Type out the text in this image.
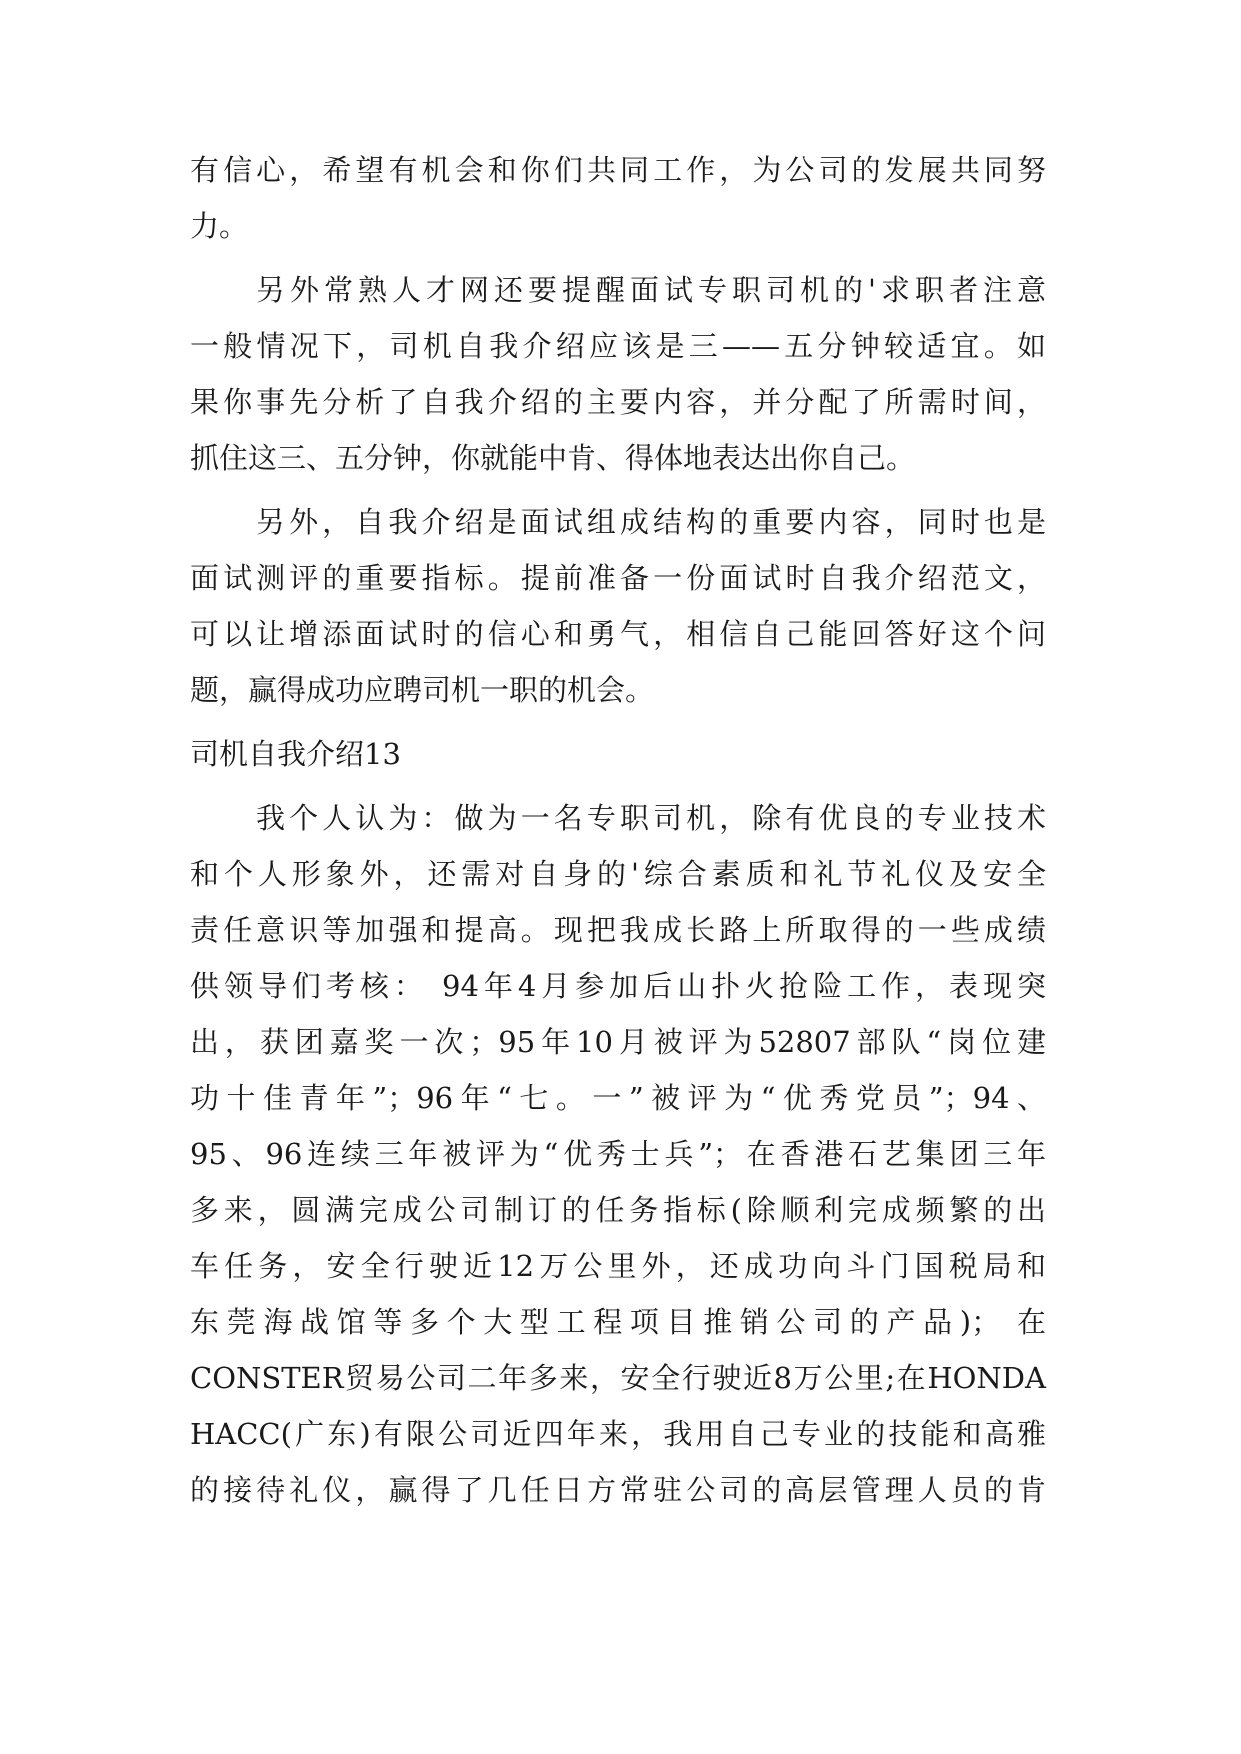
有信心，希望有机会和你们共同工作，为公司的发展共同努
力。
另外常熟人才网还要提醒面试专职司机的'求职者注意
一般情况下，司机自我介绍应该是三——五分钟较适宜。如
果你事先分析了自我介绍的主要内容，并分配了所需时间，
抓住这三、五分钟，你就能中肯、得体地表达出你自己。
另外，自我介绍是面试组成结构的重要内容，同时也是
面试测评的重要指标。提前准备一份面试时自我介绍范文，
可以让增添面试时的信心和勇气，相信自己能回答好这个问
题，赢得成功应聘司机一职的机会。
司机自我介绍13
我个人认为：做为一名专职司机，除有优良的专业技术
和个人形象外，还需对自身的'综合素质和礼节礼仪及安全
责任意识等加强和提高。现把我成长路上所取得的一些成绩
供领导们考核： 94年4月参加后山扑火抢险工作，表现突
出，获团嘉奖一次；95年10月被评为52807部队“岗位建
功十佳青年”；96年“七。一”被评为“优秀党员”；94、
95、96连续三年被评为“优秀士兵”；在香港石艺集团三年
多来，圆满完成公司制订的任务指标(除顺利完成频繁的出
车任务，安全行驶近12万公里外，还成功向斗门国税局和
东莞海战馆等多个大型工程项目推销公司的产品)； 在
CONSTER贸易公司二年多来，安全行驶近8万公里;在HONDA
HACC(广东)有限公司近四年来，我用自己专业的技能和高雅
的接待礼仪，赢得了几任日方常驻公司的高层管理人员的肯
